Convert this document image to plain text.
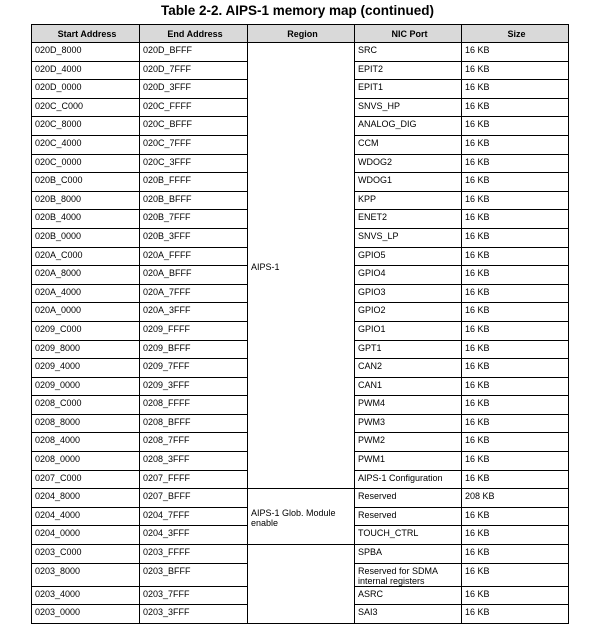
Table 2-2. AIPS-1 memory map (continued)
Start Address	End Address	Region	NIC Port	Size
020D_8000	020D_BFFF	AIPS-1	SRC	16 KB
020D_4000	020D_7FFF		EPIT2	16 KB
020D_0000	020D_3FFF		EPIT1	16 KB
020C_C000	020C_FFFF		SNVS_HP	16 KB
020C_8000	020C_BFFF		ANALOG_DIG	16 KB
020C_4000	020C_7FFF		CCM	16 KB
020C_0000	020C_3FFF		WDOG2	16 KB
020B_C000	020B_FFFF		WDOG1	16 KB
020B_8000	020B_BFFF		KPP	16 KB
020B_4000	020B_7FFF		ENET2	16 KB
020B_0000	020B_3FFF		SNVS_LP	16 KB
020A_C000	020A_FFFF		GPIO5	16 KB
020A_8000	020A_BFFF		GPIO4	16 KB
020A_4000	020A_7FFF		GPIO3	16 KB
020A_0000	020A_3FFF		GPIO2	16 KB
0209_C000	0209_FFFF		GPIO1	16 KB
0209_8000	0209_BFFF		GPT1	16 KB
0209_4000	0209_7FFF		CAN2	16 KB
0209_0000	0209_3FFF		CAN1	16 KB
0208_C000	0208_FFFF		PWM4	16 KB
0208_8000	0208_BFFF		PWM3	16 KB
0208_4000	0208_7FFF		PWM2	16 KB
0208_0000	0208_3FFF		PWM1	16 KB
0207_C000	0207_FFFF		AIPS-1 Configuration	16 KB
0204_8000	0207_BFFF	AIPS-1 Glob. Module enable	Reserved	208 KB
0204_4000	0204_7FFF		Reserved	16 KB
0204_0000	0204_3FFF		TOUCH_CTRL	16 KB
0203_C000	0203_FFFF		SPBA	16 KB
0203_8000	0203_BFFF		Reserved for SDMA internal registers	16 KB
0203_4000	0203_7FFF		ASRC	16 KB
0203_0000	0203_3FFF		SAI3	16 KB
